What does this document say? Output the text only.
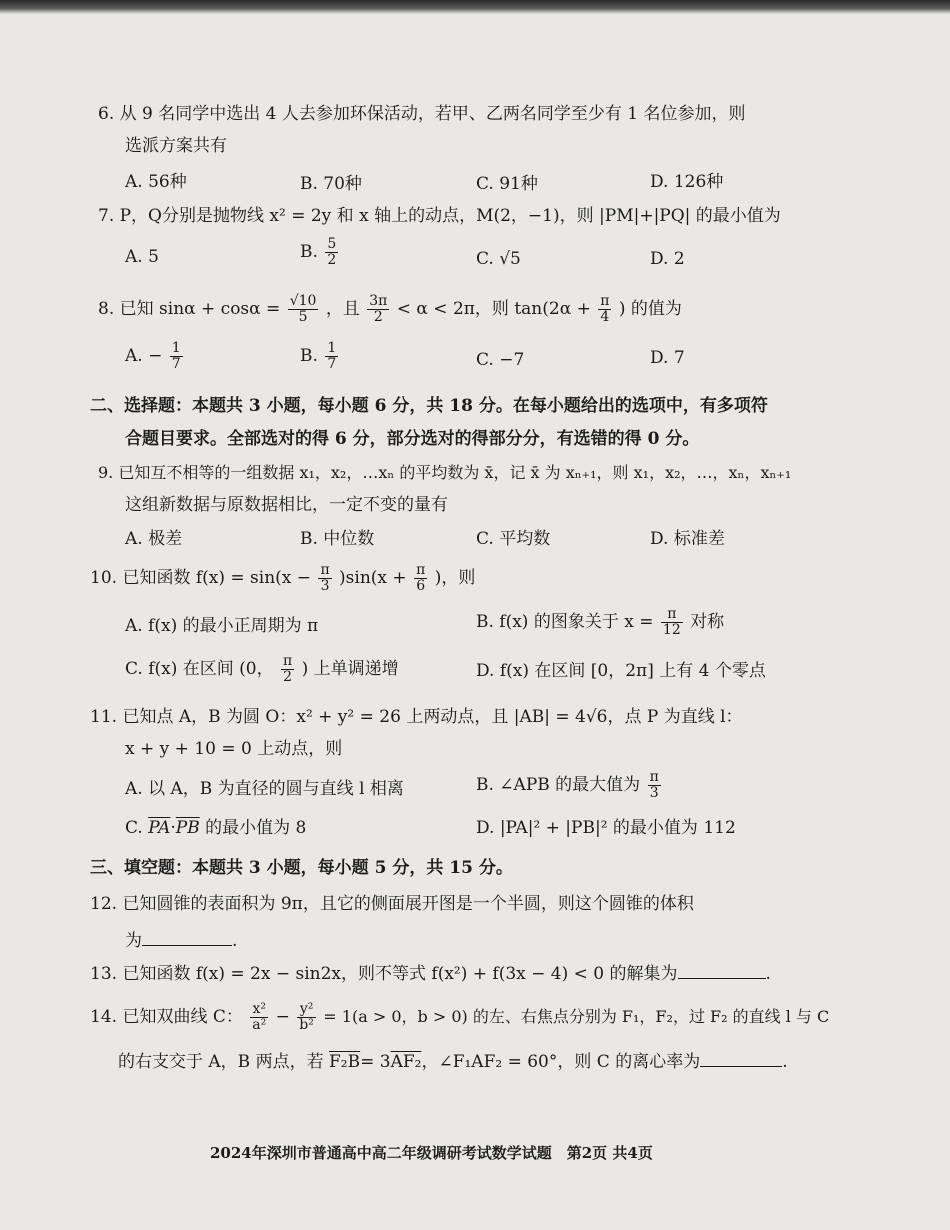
6. 从 9 名同学中选出 4 人去参加环保活动，若甲、乙两名同学至少有 1 名位参加，则
选派方案共有
A. 56种	B. 70种	C. 91种	D. 126种
7. P，Q分别是抛物线 x² = 2y 和 x 轴上的动点，M(2，−1)，则 |PM|+|PQ| 的最小值为
A. 5	B. $\frac{5}{2}$	C. √5	D. 2
8. 已知 $\sin\alpha + \cos\alpha = \frac{√10}{5}$ ，且 $\frac{3\pi}{2} < \alpha < 2\pi$，则 $\tan(2\alpha + \frac{\pi}{4}$ ) 的值为
A. − $\frac{1}{7}$	B. $\frac{1}{7}$	C. −7	D. 7
二、选择题：本题共 3 小题，每小题 6 分，共 18 分。在每小题给出的选项中，有多项符
合题目要求。全部选对的得 6 分，部分选对的得部分分，有选错的得 0 分。
9. 已知互不相等的一组数据 x₁，x₂，…xₙ 的平均数为 x̄，记 x̄ 为 xₙ₊₁，则 x₁，x₂，…，xₙ，xₙ₊₁
这组新数据与原数据相比，一定不变的量有
A. 极差	B. 中位数	C. 平均数	D. 标准差
10. 已知函数 $f(x) = \sin(x - \frac{\pi}{3} )\sin(x + \frac{\pi}{6}$ )，则
A. f(x) 的最小正周期为 π	B. f(x) 的图象关于 $x = \frac{\pi}{12}$ 对称
C. f(x) 在区间 (0， $\frac{\pi}{2}$ ) 上单调递增	D. f(x) 在区间 [0，2π] 上有 4 个零点
11. 已知点 A，B 为圆 O：x² + y² = 26 上两动点，且 |AB| = 4√6，点 P 为直线 l：
x + y + 10 = 0 上动点，则
A. 以 A，B 为直径的圆与直线 l 相离	B. ∠APB 的最大值为 $\frac{\pi}{3}$
C. $\overline{PA}\cdot\overline{PB}$ 的最小值为 8	D. |PA|² + |PB|² 的最小值为 112
三、填空题：本题共 3 小题，每小题 5 分，共 15 分。
12. 已知圆锥的表面积为 9π，且它的侧面展开图是一个半圆，则这个圆锥的体积
为	.
13. 已知函数 f(x) = 2x − sin2x，则不等式 f(x²) + f(3x − 4) < 0 的解集为	.
14. 已知双曲线 C： $\frac{\text{x²}}{\text{a²}} - \frac{\text{y²}}{\text{b²}} = 1(a > 0$，b > 0) 的左、右焦点分别为 F₁，F₂，过 F₂ 的直线 l 与 C
的右支交于 A，B 两点，若 F₂B= 3AF₂，∠F₁AF₂ = 60°，则 C 的离心率为	.
2024年深圳市普通高中高二年级调研考试数学试题　第2页 共4页
